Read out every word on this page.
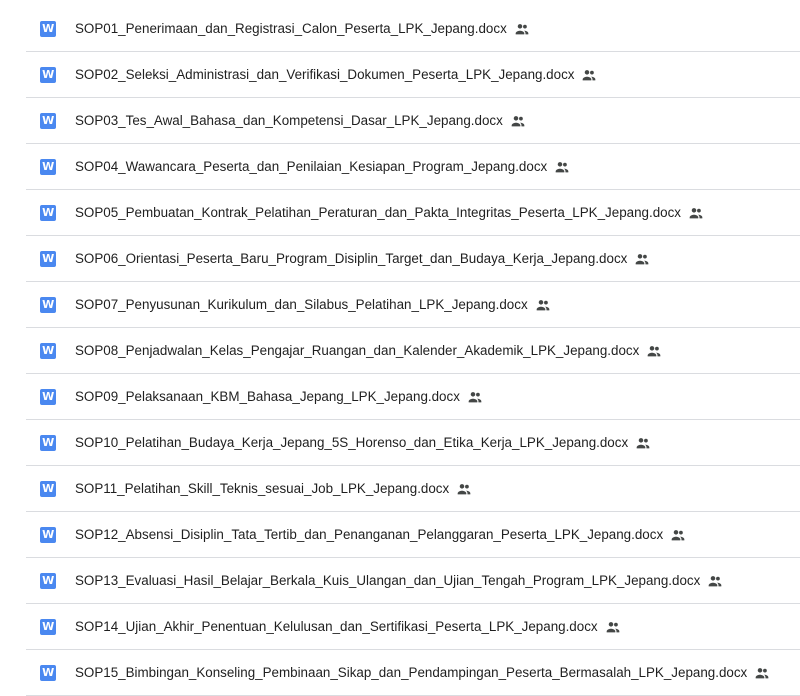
W SOP01_Penerimaan_dan_Registrasi_Calon_Peserta_LPK_Jepang.docx
W SOP02_Seleksi_Administrasi_dan_Verifikasi_Dokumen_Peserta_LPK_Jepang.docx
W SOP03_Tes_Awal_Bahasa_dan_Kompetensi_Dasar_LPK_Jepang.docx
W SOP04_Wawancara_Peserta_dan_Penilaian_Kesiapan_Program_Jepang.docx
W SOP05_Pembuatan_Kontrak_Pelatihan_Peraturan_dan_Pakta_Integritas_Peserta_LPK_Jepang.docx
W SOP06_Orientasi_Peserta_Baru_Program_Disiplin_Target_dan_Budaya_Kerja_Jepang.docx
W SOP07_Penyusunan_Kurikulum_dan_Silabus_Pelatihan_LPK_Jepang.docx
W SOP08_Penjadwalan_Kelas_Pengajar_Ruangan_dan_Kalender_Akademik_LPK_Jepang.docx
W SOP09_Pelaksanaan_KBM_Bahasa_Jepang_LPK_Jepang.docx
W SOP10_Pelatihan_Budaya_Kerja_Jepang_5S_Horenso_dan_Etika_Kerja_LPK_Jepang.docx
W SOP11_Pelatihan_Skill_Teknis_sesuai_Job_LPK_Jepang.docx
W SOP12_Absensi_Disiplin_Tata_Tertib_dan_Penanganan_Pelanggaran_Peserta_LPK_Jepang.docx
W SOP13_Evaluasi_Hasil_Belajar_Berkala_Kuis_Ulangan_dan_Ujian_Tengah_Program_LPK_Jepang.docx
W SOP14_Ujian_Akhir_Penentuan_Kelulusan_dan_Sertifikasi_Peserta_LPK_Jepang.docx
W SOP15_Bimbingan_Konseling_Pembinaan_Sikap_dan_Pendampingan_Peserta_Bermasalah_LPK_Jepang.docx
